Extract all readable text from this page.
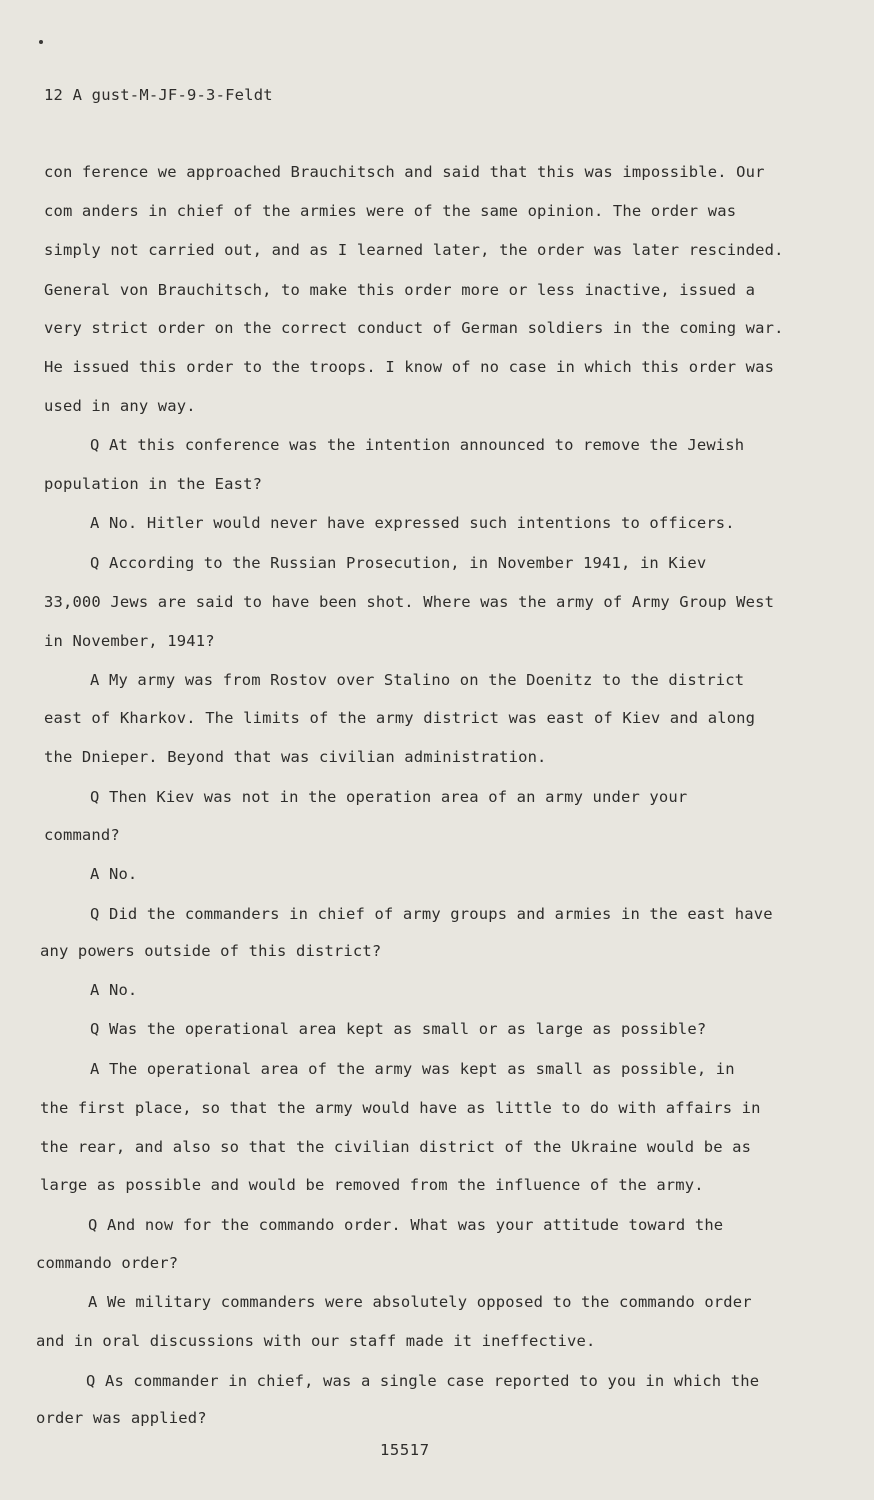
12 A gust-M-JF-9-3-Feldt
con ference we approached Brauchitsch and said that this was impossible. Our
com anders in chief of the armies were of the same opinion. The order was
simply not carried out, and as I learned later, the order was later rescinded.
General von Brauchitsch, to make this order more or less inactive, issued a
very strict order on the correct conduct of German soldiers in the coming war.
He issued this order to the troops. I know of no case in which this order was
used in any way.
Q At this conference was the intention announced to remove the Jewish
population in the East?
A No. Hitler would never have expressed such intentions to officers.
Q According to the Russian Prosecution, in November 1941, in Kiev
33,000 Jews are said to have been shot. Where was the army of Army Group West
in November, 1941?
A My army was from Rostov over Stalino on the Doenitz to the district
east of Kharkov. The limits of the army district was east of Kiev and along
the Dnieper. Beyond that was civilian administration.
Q Then Kiev was not in the operation area of an army under your
command?
A No.
Q Did the commanders in chief of army groups and armies in the east have
any powers outside of this district?
A No.
Q Was the operational area kept as small or as large as possible?
A The operational area of the army was kept as small as possible, in
the first place, so that the army would have as little to do with affairs in
the rear, and also so that the civilian district of the Ukraine would be as
large as possible and would be removed from the influence of the army.
Q And now for the commando order. What was your attitude toward the
commando order?
A We military commanders were absolutely opposed to the commando order
and in oral discussions with our staff made it ineffective.
Q As commander in chief, was a single case reported to you in which the
order was applied?
15517
